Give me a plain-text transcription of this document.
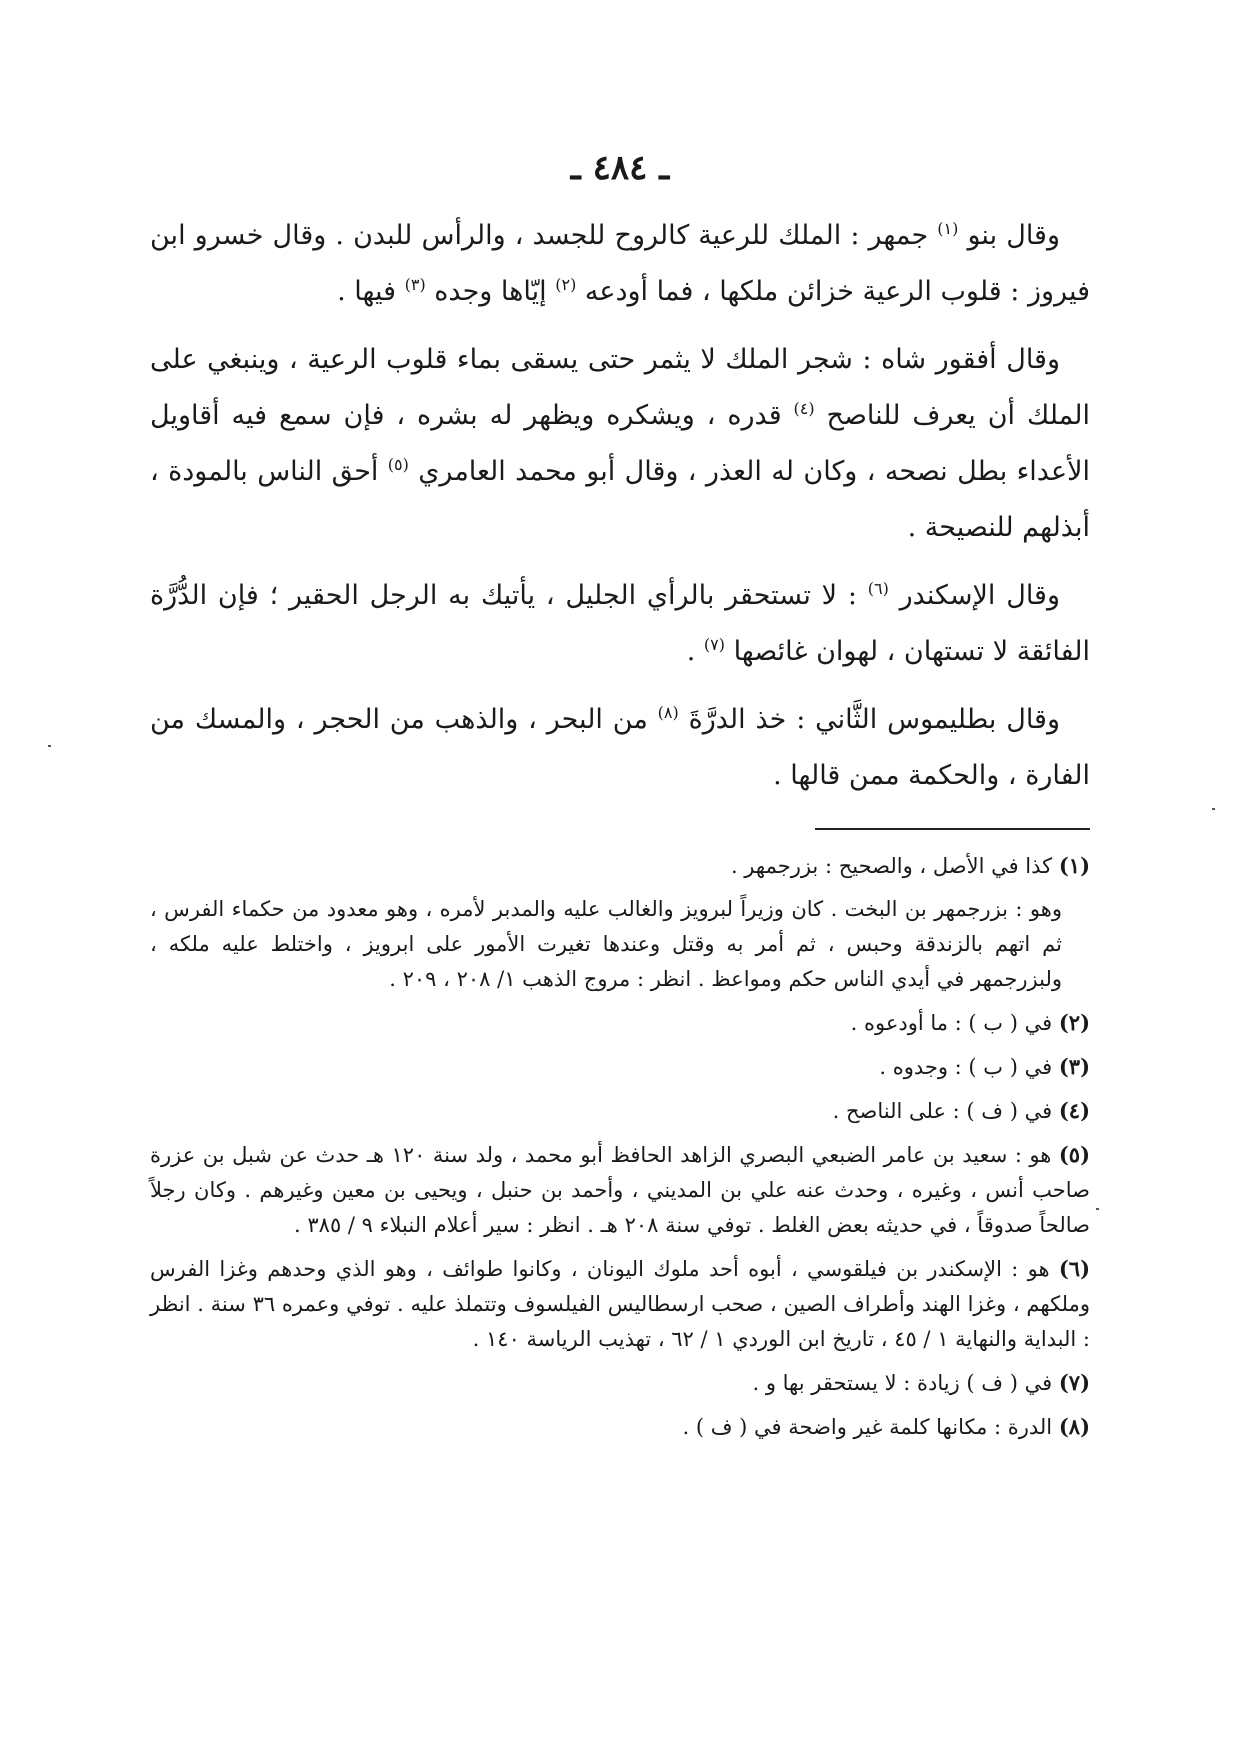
ـ ٤٨٤ ـ

وقال بنو $^{(١)}$ جمهر : الملك للرعية كالروح للجسد ، والرأس للبدن . وقال خسرو ابن فيروز : قلوب الرعية خزائن ملكها ، فما أودعه $^{(٢)}$ إيّاها وجده $^{(٣)}$ فيها .

وقال أفقور شاه : شجر الملك لا يثمر حتى يسقى بماء قلوب الرعية ، وينبغي على الملك أن يعرف للناصح $^{(٤)}$ قدره ، ويشكره ويظهر له بشره ، فإن سمع فيه أقاويل الأعداء بطل نصحه ، وكان له العذر ، وقال أبو محمد العامري $^{(٥)}$ أحق الناس بالمودة ، أبذلهم للنصيحة .

وقال الإسكندر $^{(٦)}$ : لا تستحقر بالرأي الجليل ، يأتيك به الرجل الحقير ؛ فإن الدُّرَّة الفائقة لا تستهان ، لهوان غائصها $^{(٧)}$ .

وقال بطليموس الثَّاني : خذ الدرَّةَ $^{(٨)}$ من البحر ، والذهب من الحجر ، والمسك من الفارة ، والحكمة ممن قالها .

(١) كذا في الأصل ، والصحيح : بزرجمهر .
وهو : بزرجمهر بن البخت . كان وزيراً لبرويز والغالب عليه والمدبر لأمره ، وهو معدود من حكماء الفرس ، ثم اتهم بالزندقة وحبس ، ثم أمر به وقتل وعندها تغيرت الأمور على ابرويز ، واختلط عليه ملكه ، ولبزرجمهر في أيدي الناس حكم ومواعظ . انظر : مروج الذهب ١/ ٢٠٨ ، ٢٠٩ .
(٢) في ( ب ) : ما أودعوه .
(٣) في ( ب ) : وجدوه .
(٤) في ( ف ) : على الناصح .
(٥) هو : سعيد بن عامر الضبعي البصري الزاهد الحافظ أبو محمد ، ولد سنة ١٢٠ هـ حدث عن شبل بن عزرة صاحب أنس ، وغيره ، وحدث عنه علي بن المديني ، وأحمد بن حنبل ، ويحيى بن معين وغيرهم . وكان رجلاً صالحاً صدوقاً ، في حديثه بعض الغلط . توفي سنة ٢٠٨ هـ . انظر : سير أعلام النبلاء ٩ / ٣٨٥ .
(٦) هو : الإسكندر بن فيلقوسي ، أبوه أحد ملوك اليونان ، وكانوا طوائف ، وهو الذي وحدهم وغزا الفرس وملكهم ، وغزا الهند وأطراف الصين ، صحب ارسطاليس الفيلسوف وتتملذ عليه . توفي وعمره ٣٦ سنة . انظر : البداية والنهاية ١ / ٤٥ ، تاريخ ابن الوردي ١ / ٦٢ ، تهذيب الرياسة ١٤٠ .
(٧) في ( ف ) زيادة : لا يستحقر بها و .
(٨) الدرة : مكانها كلمة غير واضحة في ( ف ) .
